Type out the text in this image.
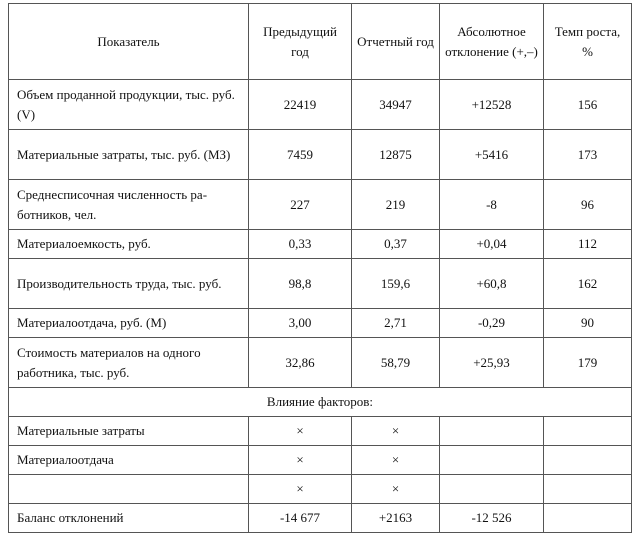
Показатель	Предыдущий год	Отчетный год	Абсолютное отклонение (+,–)	Темп роста, %
Объем проданной продукции, тыс. руб. (V)	22419	34947	+12528	156
Материальные затраты, тыс. руб. (МЗ)	7459	12875	+5416	173
Среднесписочная численность ра-ботников, чел.	227	219	-8	96
Материалоемкость, руб.	0,33	0,37	+0,04	112
Производительность труда, тыс. руб.	98,8	159,6	+60,8	162
Материалоотдача, руб. (М)	3,00	2,71	-0,29	90
Стоимость материалов на одного работника, тыс. руб.	32,86	58,79	+25,93	179
Влияние факторов:				
Материальные затраты	×	×		
Материалоотдача	×	×		
	×	×		
Баланс отклонений	-14 677	+2163	-12 526	
